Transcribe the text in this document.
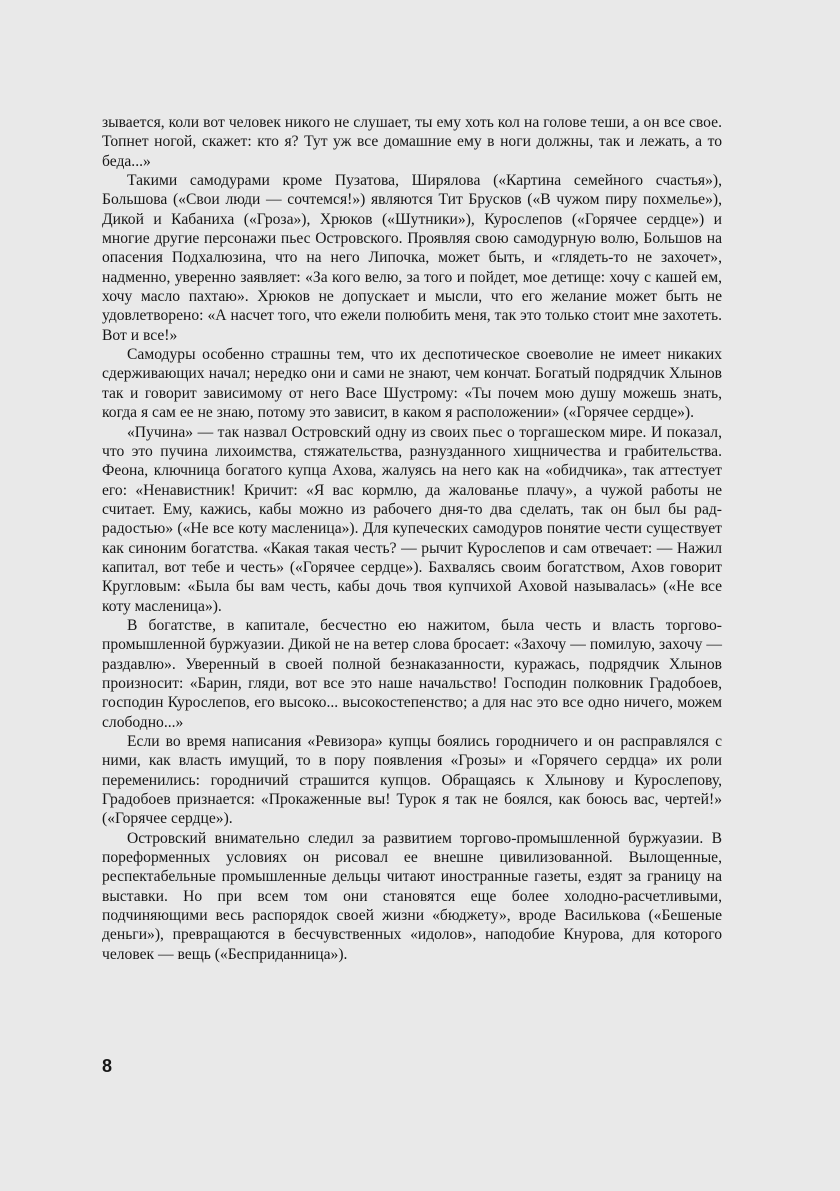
зывается, коли вот человек никого не слушает, ты ему хоть кол на голове теши, а он все свое. Топнет ногой, скажет: кто я? Тут уж все домашние ему в ноги должны, так и лежать, а то беда...»

Такими самодурами кроме Пузатова, Ширялова («Картина семейного счастья»), Большова («Свои люди — сочтемся!») являются Тит Брусков («В чужом пиру похмелье»), Дикой и Кабаниха («Гроза»), Хрюков («Шутники»), Курослепов («Горячее сердце») и многие другие персонажи пьес Островского. Проявляя свою самодурную волю, Большов на опасения Подхалюзина, что на него Липочка, может быть, и «глядеть-то не захочет», надменно, уверенно заявляет: «За кого велю, за того и пойдет, мое детище: хочу с кашей ем, хочу масло пахтаю». Хрюков не допускает и мысли, что его желание может быть не удовлетворено: «А насчет того, что ежели полюбить меня, так это только стоит мне захотеть. Вот и все!»

Самодуры особенно страшны тем, что их деспотическое своеволие не имеет никаких сдерживающих начал; нередко они и сами не знают, чем кончат. Богатый подрядчик Хлынов так и говорит зависимому от него Васе Шустрому: «Ты почем мою душу можешь знать, когда я сам ее не знаю, потому это зависит, в каком я расположении» («Горячее сердце»).

«Пучина» — так назвал Островский одну из своих пьес о торгашеском мире. И показал, что это пучина лихоимства, стяжательства, разнузданного хищничества и грабительства. Феона, ключница богатого купца Ахова, жалуясь на него как на «обидчика», так аттестует его: «Ненавистник! Кричит: «Я вас кормлю, да жалованье плачу», а чужой работы не считает. Ему, кажись, кабы можно из рабочего дня-то два сделать, так он был бы рад-радостью» («Не все коту масленица»). Для купеческих самодуров понятие чести существует как синоним богатства. «Какая такая честь? — рычит Курослепов и сам отвечает: — Нажил капитал, вот тебе и честь» («Горячее сердце»). Бахвалясь своим богатством, Ахов говорит Кругловым: «Была бы вам честь, кабы дочь твоя купчихой Аховой называлась» («Не все коту масленица»).

В богатстве, в капитале, бесчестно ею нажитом, была честь и власть торгово-промышленной буржуазии. Дикой не на ветер слова бросает: «Захочу — помилую, захочу — раздавлю». Уверенный в своей полной безнаказанности, куражась, подрядчик Хлынов произносит: «Барин, гляди, вот все это наше начальство! Господин полковник Градобоев, господин Курослепов, его высоко... высокостепенство; а для нас это все одно ничего, можем слободно...»

Если во время написания «Ревизора» купцы боялись городничего и он расправлялся с ними, как власть имущий, то в пору появления «Грозы» и «Горячего сердца» их роли переменились: городничий страшится купцов. Обращаясь к Хлынову и Курослепову, Градобоев признается: «Прокаженные вы! Турок я так не боялся, как боюсь вас, чертей!» («Горячее сердце»).

Островский внимательно следил за развитием торгово-промышленной буржуазии. В пореформенных условиях он рисовал ее внешне цивилизованной. Вылощенные, респектабельные промышленные дельцы читают иностранные газеты, ездят за границу на выставки. Но при всем том они становятся еще более холодно-расчетливыми, подчиняющими весь распорядок своей жизни «бюджету», вроде Василькова («Бешеные деньги»), превращаются в бесчувственных «идолов», наподобие Кнурова, для которого человек — вещь («Бесприданница»).

8
